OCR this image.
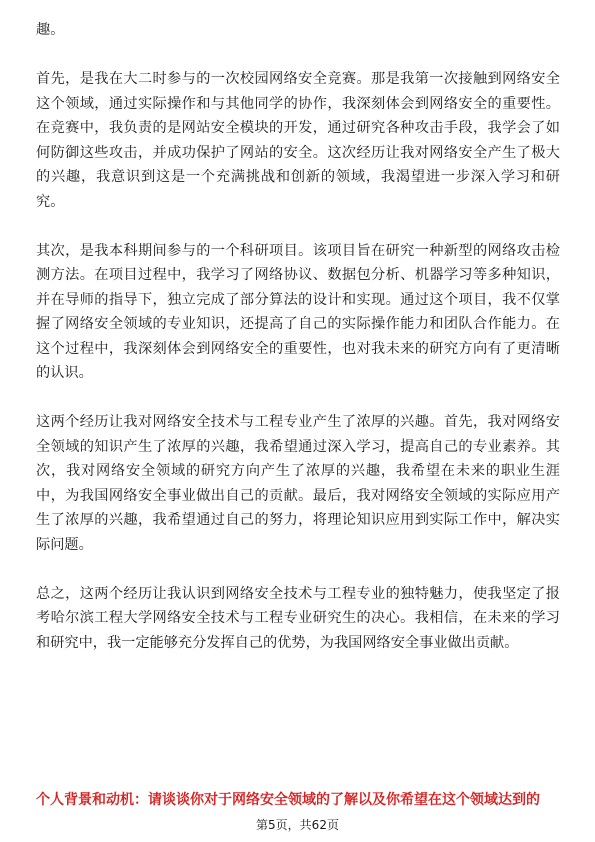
趣。

首先，是我在大二时参与的一次校园网络安全竞赛。那是我第一次接触到网络安全这个领域，通过实际操作和与其他同学的协作，我深刻体会到网络安全的重要性。在竞赛中，我负责的是网站安全模块的开发，通过研究各种攻击手段，我学会了如何防御这些攻击，并成功保护了网站的安全。这次经历让我对网络安全产生了极大的兴趣，我意识到这是一个充满挑战和创新的领域，我渴望进一步深入学习和研究。

其次，是我本科期间参与的一个科研项目。该项目旨在研究一种新型的网络攻击检测方法。在项目过程中，我学习了网络协议、数据包分析、机器学习等多种知识，并在导师的指导下，独立完成了部分算法的设计和实现。通过这个项目，我不仅掌握了网络安全领域的专业知识，还提高了自己的实际操作能力和团队合作能力。在这个过程中，我深刻体会到网络安全的重要性，也对我未来的研究方向有了更清晰的认识。

这两个经历让我对网络安全技术与工程专业产生了浓厚的兴趣。首先，我对网络安全领域的知识产生了浓厚的兴趣，我希望通过深入学习，提高自己的专业素养。其次，我对网络安全领域的研究方向产生了浓厚的兴趣，我希望在未来的职业生涯中，为我国网络安全事业做出自己的贡献。最后，我对网络安全领域的实际应用产生了浓厚的兴趣，我希望通过自己的努力，将理论知识应用到实际工作中，解决实际问题。

总之，这两个经历让我认识到网络安全技术与工程专业的独特魅力，使我坚定了报考哈尔滨工程大学网络安全技术与工程专业研究生的决心。我相信，在未来的学习和研究中，我一定能够充分发挥自己的优势，为我国网络安全事业做出贡献。

个人背景和动机：请谈谈你对于网络安全领域的了解以及你希望在这个领域达到的
第5页，共62页
